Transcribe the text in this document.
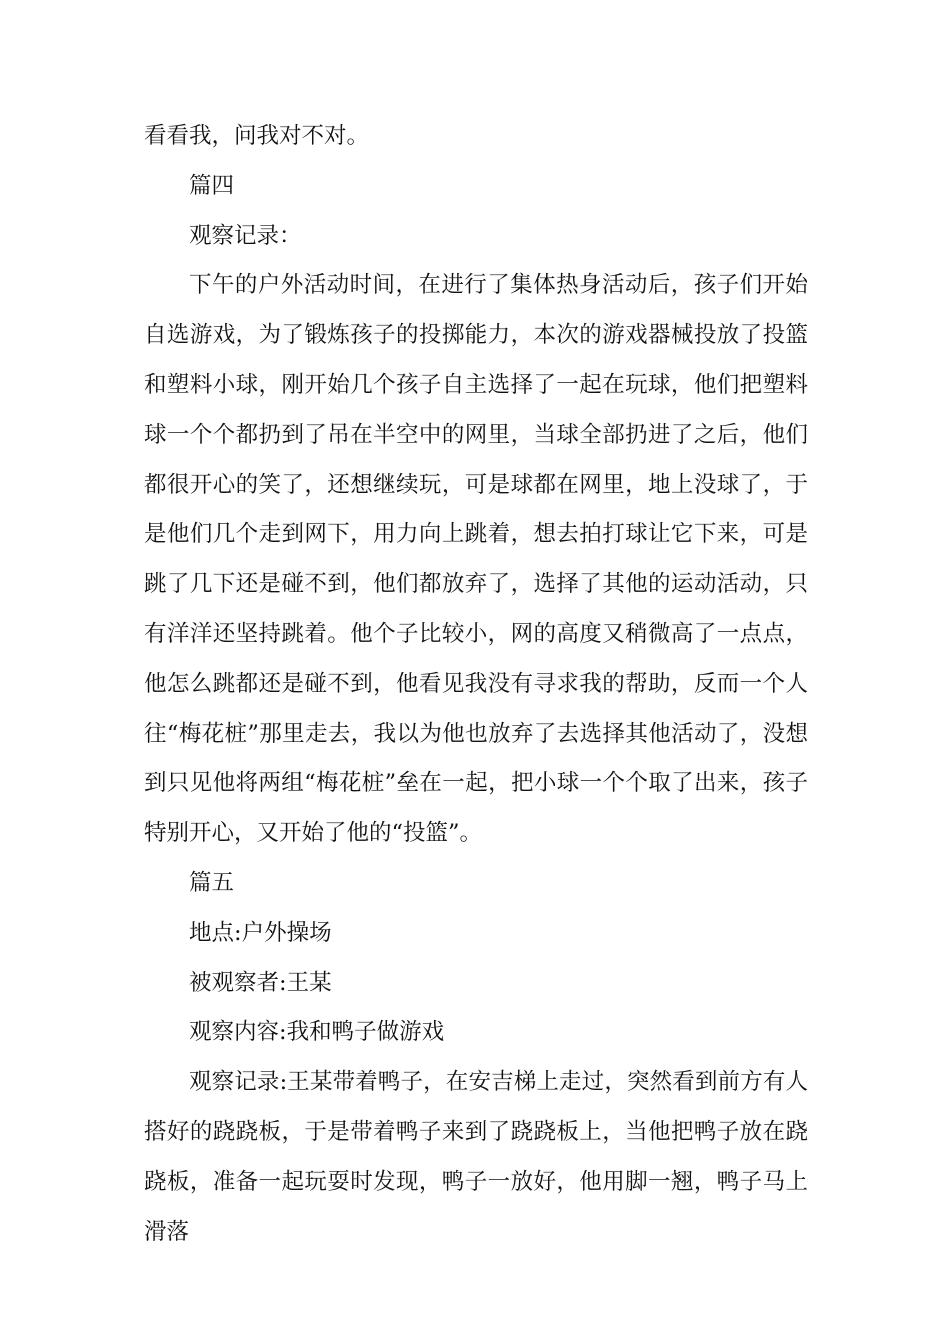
看看我，问我对不对。

篇四

观察记录：

下午的户外活动时间，在进行了集体热身活动后，孩子们开始自选游戏，为了锻炼孩子的投掷能力，本次的游戏器械投放了投篮和塑料小球，刚开始几个孩子自主选择了一起在玩球，他们把塑料球一个个都扔到了吊在半空中的网里，当球全部扔进了之后，他们都很开心的笑了，还想继续玩，可是球都在网里，地上没球了，于是他们几个走到网下，用力向上跳着，想去拍打球让它下来，可是跳了几下还是碰不到，他们都放弃了，选择了其他的运动活动，只有洋洋还坚持跳着。他个子比较小，网的高度又稍微高了一点点，他怎么跳都还是碰不到，他看见我没有寻求我的帮助，反而一个人往“梅花桩”那里走去，我以为他也放弃了去选择其他活动了，没想到只见他将两组“梅花桩”垒在一起，把小球一个个取了出来，孩子特别开心，又开始了他的“投篮”。

篇五

地点:户外操场

被观察者:王某

观察内容:我和鸭子做游戏

观察记录:王某带着鸭子，在安吉梯上走过，突然看到前方有人搭好的跷跷板，于是带着鸭子来到了跷跷板上，当他把鸭子放在跷跷板，准备一起玩耍时发现，鸭子一放好，他用脚一翘，鸭子马上滑落
